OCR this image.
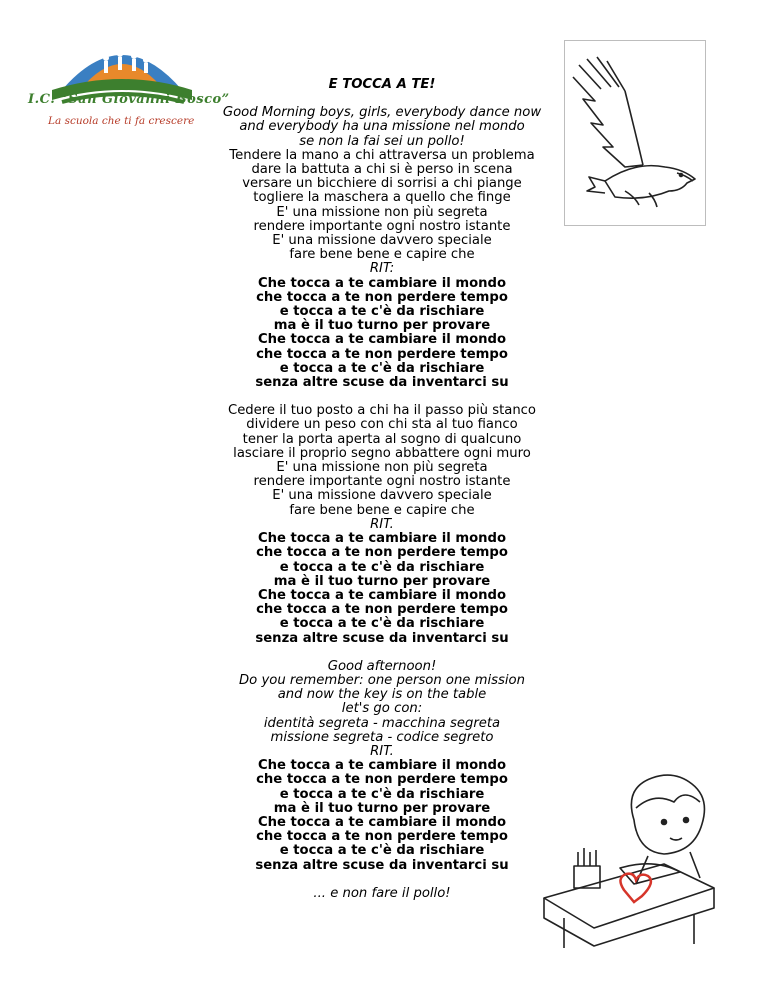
I.C. “San Giovanni Bosco”
La scuola che ti fa crescere
E TOCCA A TE!
Good Morning boys, girls, everybody dance now
and everybody ha una missione nel mondo
se non la fai sei un pollo!
Tendere la mano a chi attraversa un problema
dare la battuta a chi si è perso in scena
versare un bicchiere di sorrisi a chi piange
togliere la maschera a quello che finge
E' una missione non più segreta
rendere importante ogni nostro istante
E' una missione davvero speciale
fare bene bene e capire che
RIT:
Che tocca a te cambiare il mondo
che tocca a te non perdere tempo
e tocca a te c'è da rischiare
ma è il tuo turno per provare
Che tocca a te cambiare il mondo
che tocca a te non perdere tempo
e tocca a te c'è da rischiare
senza altre scuse da inventarci su
Cedere il tuo posto a chi ha il passo più stanco
dividere un peso con chi sta al tuo fianco
tener la porta aperta al sogno di qualcuno
lasciare il proprio segno abbattere ogni muro
E' una missione non più segreta
rendere importante ogni nostro istante
E' una missione davvero speciale
fare bene bene e capire che
RIT.
Che tocca a te cambiare il mondo
che tocca a te non perdere tempo
e tocca a te c'è da rischiare
ma è il tuo turno per provare
Che tocca a te cambiare il mondo
che tocca a te non perdere tempo
e tocca a te c'è da rischiare
senza altre scuse da inventarci su
Good afternoon!
Do you remember: one person one mission
and now the key is on the table
let's go con:
identità segreta - macchina segreta
missione segreta - codice segreto
RIT.
Che tocca a te cambiare il mondo
che tocca a te non perdere tempo
e tocca a te c'è da rischiare
ma è il tuo turno per provare
Che tocca a te cambiare il mondo
che tocca a te non perdere tempo
e tocca a te c'è da rischiare
senza altre scuse da inventarci su
... e non fare il pollo!
